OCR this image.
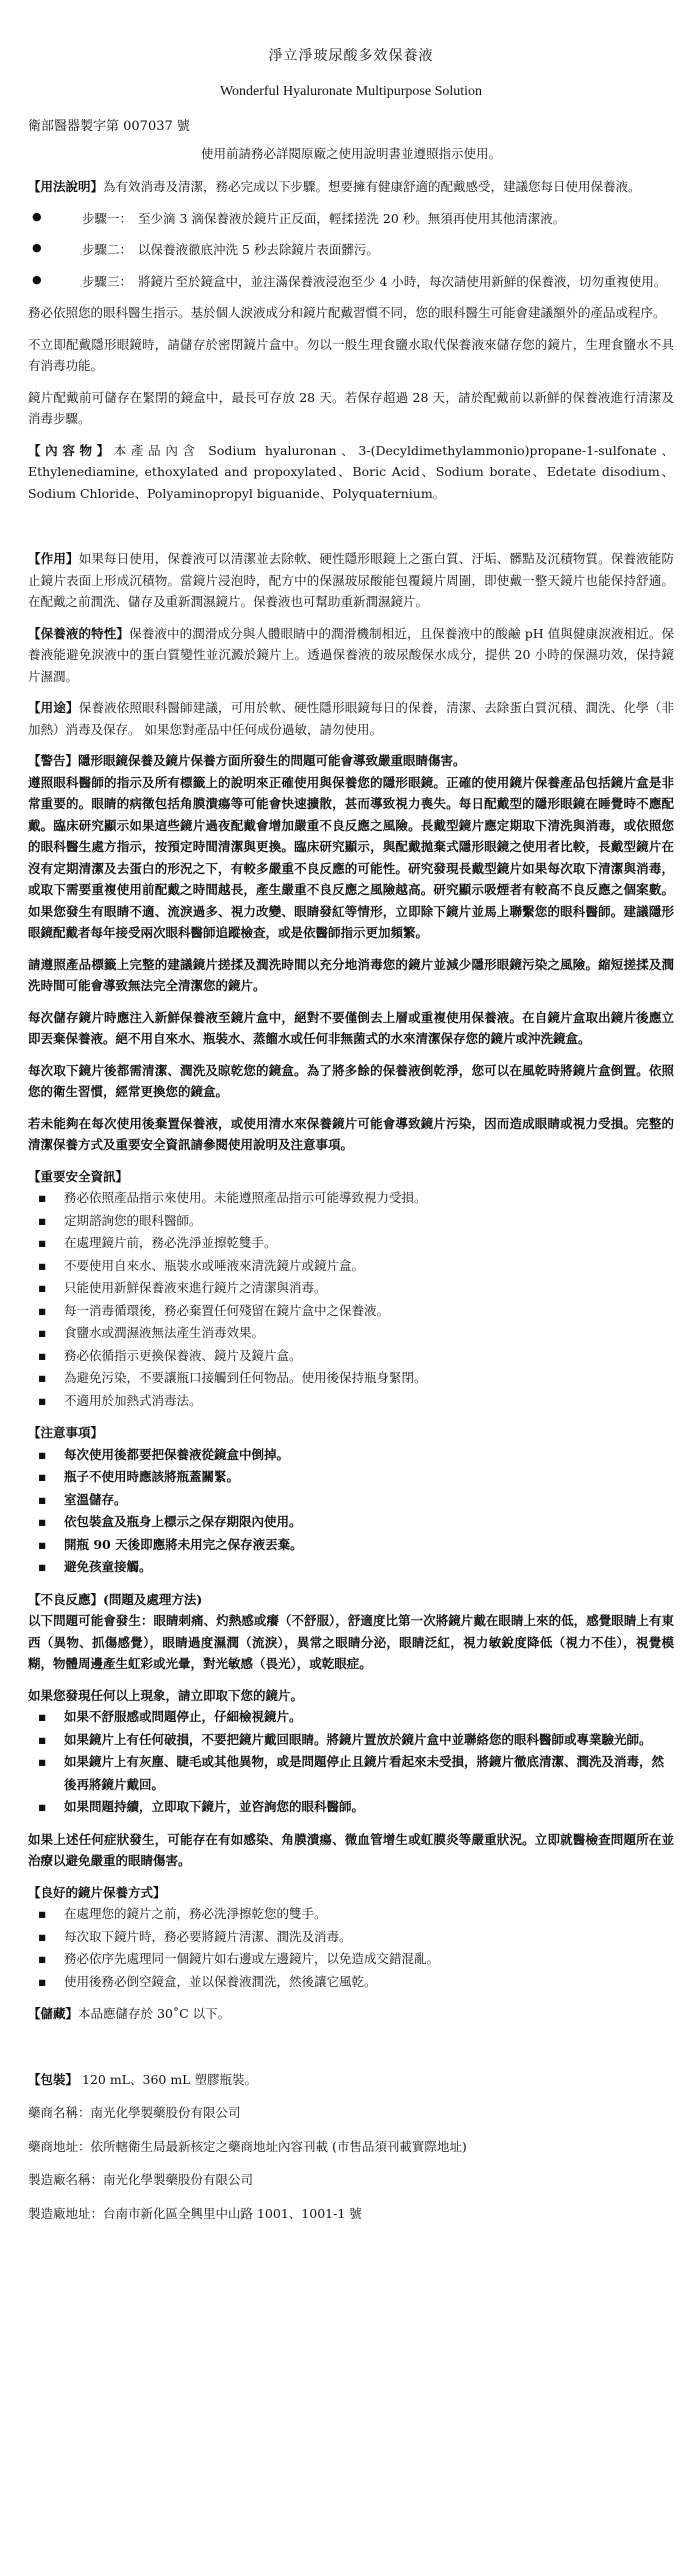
淨立淨玻尿酸多效保養液
Wonderful Hyaluronate Multipurpose Solution
衛部醫器製字第 007037 號
使用前請務必詳閱原廠之使用說明書並遵照指示使用。

【用法說明】為有效消毒及清潔，務必完成以下步驟。想要擁有健康舒適的配戴感受，建議您每日使用保養液。

● 步驟一： 至少滴 3 滴保養液於鏡片正反面，輕揉搓洗 20 秒。無須再使用其他清潔液。
● 步驟二： 以保養液徹底沖洗 5 秒去除鏡片表面髒污。
● 步驟三： 將鏡片至於鏡盒中，並注滿保養液浸泡至少 4 小時，每次請使用新鮮的保養液，切勿重複使用。

務必依照您的眼科醫生指示。基於個人淚液成分和鏡片配戴習慣不同，您的眼科醫生可能會建議額外的產品或程序。

不立即配戴隱形眼鏡時，請儲存於密閉鏡片盒中。勿以一般生理食鹽水取代保養液來儲存您的鏡片，生理食鹽水不具有消毒功能。

鏡片配戴前可儲存在緊閉的鏡盒中，最長可存放 28 天。若保存超過 28 天，請於配戴前以新鮮的保養液進行清潔及消毒步驟。

【內容物】本產品內含 Sodium hyaluronan、3-(Decyldimethylammonio)propane-1-sulfonate、Ethylenediamine, ethoxylated and propoxylated、Boric Acid、Sodium borate、Edetate disodium、Sodium Chloride、Polyaminopropyl biguanide、Polyquaternium。

【作用】如果每日使用，保養液可以清潔並去除軟、硬性隱形眼鏡上之蛋白質、汙垢、髒點及沉積物質。保養液能防止鏡片表面上形成沉積物。當鏡片浸泡時，配方中的保濕玻尿酸能包覆鏡片周圍，即使戴一整天鏡片也能保持舒適。在配戴之前潤洗、儲存及重新潤濕鏡片。保養液也可幫助重新潤濕鏡片。

【保養液的特性】保養液中的潤滑成分與人體眼睛中的潤滑機制相近，且保養液中的酸鹼 pH 值與健康淚液相近。保養液能避免淚液中的蛋白質變性並沉澱於鏡片上。透過保養液的玻尿酸保水成分，提供 20 小時的保濕功效，保持鏡片濕潤。

【用途】保養液依照眼科醫師建議，可用於軟、硬性隱形眼鏡每日的保養，清潔、去除蛋白質沉積、潤洗、化學（非加熱）消毒及保存。 如果您對產品中任何成份過敏，請勿使用。

【警告】隱形眼鏡保養及鏡片保養方面所發生的問題可能會導致嚴重眼睛傷害。
遵照眼科醫師的指示及所有標籤上的說明來正確使用與保養您的隱形眼鏡。正確的使用鏡片保養產品包括鏡片盒是非常重要的。眼睛的病徵包括角膜潰瘍等可能會快速擴散，甚而導致視力喪失。每日配戴型的隱形眼鏡在睡覺時不應配戴。臨床研究顯示如果這些鏡片過夜配戴會增加嚴重不良反應之風險。長戴型鏡片應定期取下清洗與消毒，或依照您的眼科醫生處方指示，按預定時間清潔與更換。臨床研究顯示，與配戴拋棄式隱形眼鏡之使用者比較，長戴型鏡片在沒有定期清潔及去蛋白的形況之下，有較多嚴重不良反應的可能性。研究發現長戴型鏡片如果每次取下清潔與消毒，或取下需要重複使用前配戴之時間越長，產生嚴重不良反應之風險越高。研究顯示吸煙者有較高不良反應之個案數。如果您發生有眼睛不適、流淚過多、視力改變、眼睛發紅等情形，立即除下鏡片並馬上聯繫您的眼科醫師。建議隱形眼鏡配戴者每年接受兩次眼科醫師追蹤檢查，或是依醫師指示更加頻繁。

請遵照產品標籤上完整的建議鏡片搓揉及潤洗時間以充分地消毒您的鏡片並減少隱形眼鏡污染之風險。縮短搓揉及潤洗時間可能會導致無法完全清潔您的鏡片。

每次儲存鏡片時應注入新鮮保養液至鏡片盒中，絕對不要僅倒去上層或重複使用保養液。在自鏡片盒取出鏡片後應立即丟棄保養液。絕不用自來水、瓶裝水、蒸餾水或任何非無菌式的水來清潔保存您的鏡片或沖洗鏡盒。

每次取下鏡片後都需清潔、潤洗及晾乾您的鏡盒。為了將多餘的保養液倒乾淨，您可以在風乾時將鏡片盒倒置。依照您的衛生習慣，經常更換您的鏡盒。

若未能夠在每次使用後棄置保養液，或使用清水來保養鏡片可能會導致鏡片污染，因而造成眼睛或視力受損。完整的清潔保養方式及重要安全資訊請參閱使用說明及注意事項。

【重要安全資訊】

▪ 務必依照產品指示來使用。未能遵照產品指示可能導致視力受損。
▪ 定期諮詢您的眼科醫師。
▪ 在處理鏡片前，務必洗淨並擦乾雙手。
▪ 不要使用自來水、瓶裝水或唾液來清洗鏡片或鏡片盒。
▪ 只能使用新鮮保養液來進行鏡片之清潔與消毒。
▪ 每一消毒循環後，務必棄置任何殘留在鏡片盒中之保養液。
▪ 食鹽水或潤濕液無法產生消毒效果。
▪ 務必依循指示更換保養液、鏡片及鏡片盒。
▪ 為避免污染，不要讓瓶口接觸到任何物品。使用後保持瓶身緊閉。
▪ 不適用於加熱式消毒法。

【注意事項】

▪ 每次使用後都要把保養液從鏡盒中倒掉。
▪ 瓶子不使用時應該將瓶蓋關緊。
▪ 室溫儲存。
▪ 依包裝盒及瓶身上標示之保存期限內使用。
▪ 開瓶 90 天後即應將未用完之保存液丟棄。
▪ 避免孩童接觸。

【不良反應】(問題及處理方法)

以下問題可能會發生：眼睛刺痛、灼熱感或癢（不舒服），舒適度比第一次將鏡片戴在眼睛上來的低，感覺眼睛上有東西（異物、抓傷感覺），眼睛過度濕潤（流淚），異常之眼睛分泌，眼睛泛紅，視力敏銳度降低（視力不佳），視覺模糊，物體周邊產生虹彩或光暈，對光敏感（畏光），或乾眼症。

如果您發現任何以上現象，請立即取下您的鏡片。

▪ 如果不舒服感或問題停止，仔細檢視鏡片。
▪ 如果鏡片上有任何破損，不要把鏡片戴回眼睛。將鏡片置放於鏡片盒中並聯絡您的眼科醫師或專業驗光師。
▪ 如果鏡片上有灰塵、睫毛或其他異物，或是問題停止且鏡片看起來未受損，將鏡片徹底清潔、潤洗及消毒，然後再將鏡片戴回。
▪ 如果問題持續，立即取下鏡片，並咨詢您的眼科醫師。

如果上述任何症狀發生，可能存在有如感染、角膜潰瘍、微血管增生或虹膜炎等嚴重狀況。立即就醫檢查問題所在並治療以避免嚴重的眼睛傷害。

【良好的鏡片保養方式】

▪ 在處理您的鏡片之前，務必洗淨擦乾您的雙手。
▪ 每次取下鏡片時，務必要將鏡片清潔、潤洗及消毒。
▪ 務必依序先處理同一個鏡片如右邊或左邊鏡片，以免造成交錯混亂。
▪ 使用後務必倒空鏡盒，並以保養液潤洗，然後讓它風乾。

【儲藏】本品應儲存於 30˚C 以下。

【包裝】 120 mL、360 mL 塑膠瓶裝。

藥商名稱：南光化學製藥股份有限公司

藥商地址：依所轄衛生局最新核定之藥商地址內容刊載 (市售品須刊載實際地址)

製造廠名稱：南光化學製藥股份有限公司

製造廠地址：台南市新化區全興里中山路 1001、1001-1 號
